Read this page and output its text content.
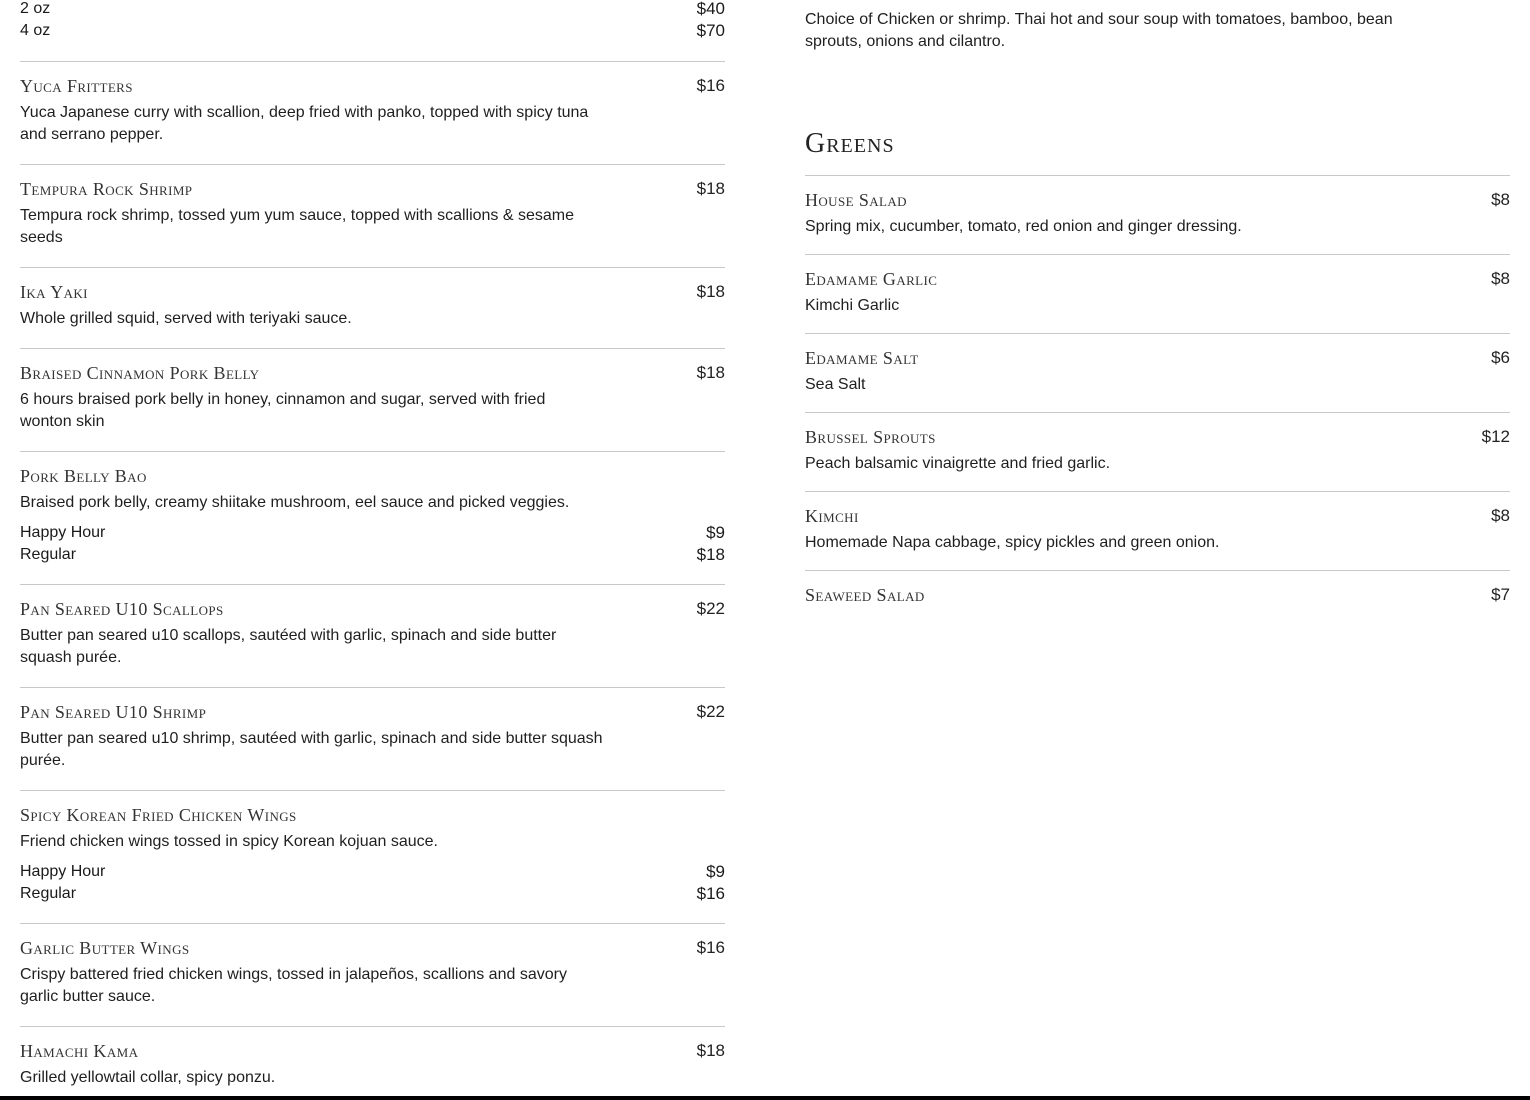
2 oz	$40
4 oz	$70
Yuca Fritters	$16
Yuca Japanese curry with scallion, deep fried with panko, topped with spicy tuna
and serrano pepper.
Tempura Rock Shrimp	$18
Tempura rock shrimp, tossed yum yum sauce, topped with scallions & sesame
seeds
Ika Yaki	$18
Whole grilled squid, served with teriyaki sauce.
Braised Cinnamon Pork Belly	$18
6 hours braised pork belly in honey, cinnamon and sugar, served with fried
wonton skin
Pork Belly Bao
Braised pork belly, creamy shiitake mushroom, eel sauce and picked veggies.
Happy Hour	$9
Regular	$18
Pan Seared U10 Scallops	$22
Butter pan seared u10 scallops, sautéed with garlic, spinach and side butter
squash purée.
Pan Seared U10 Shrimp	$22
Butter pan seared u10 shrimp, sautéed with garlic, spinach and side butter squash
purée.
Spicy Korean Fried Chicken Wings
Friend chicken wings tossed in spicy Korean kojuan sauce.
Happy Hour	$9
Regular	$16
Garlic Butter Wings	$16
Crispy battered fried chicken wings, tossed in jalapeños, scallions and savory
garlic butter sauce.
Hamachi Kama	$18
Grilled yellowtail collar, spicy ponzu.
Choice of Chicken or shrimp. Thai hot and sour soup with tomatoes, bamboo, bean
sprouts, onions and cilantro.
Greens
House Salad	$8
Spring mix, cucumber, tomato, red onion and ginger dressing.
Edamame Garlic	$8
Kimchi Garlic
Edamame Salt	$6
Sea Salt
Brussel Sprouts	$12
Peach balsamic vinaigrette and fried garlic.
Kimchi	$8
Homemade Napa cabbage, spicy pickles and green onion.
Seaweed Salad	$7
